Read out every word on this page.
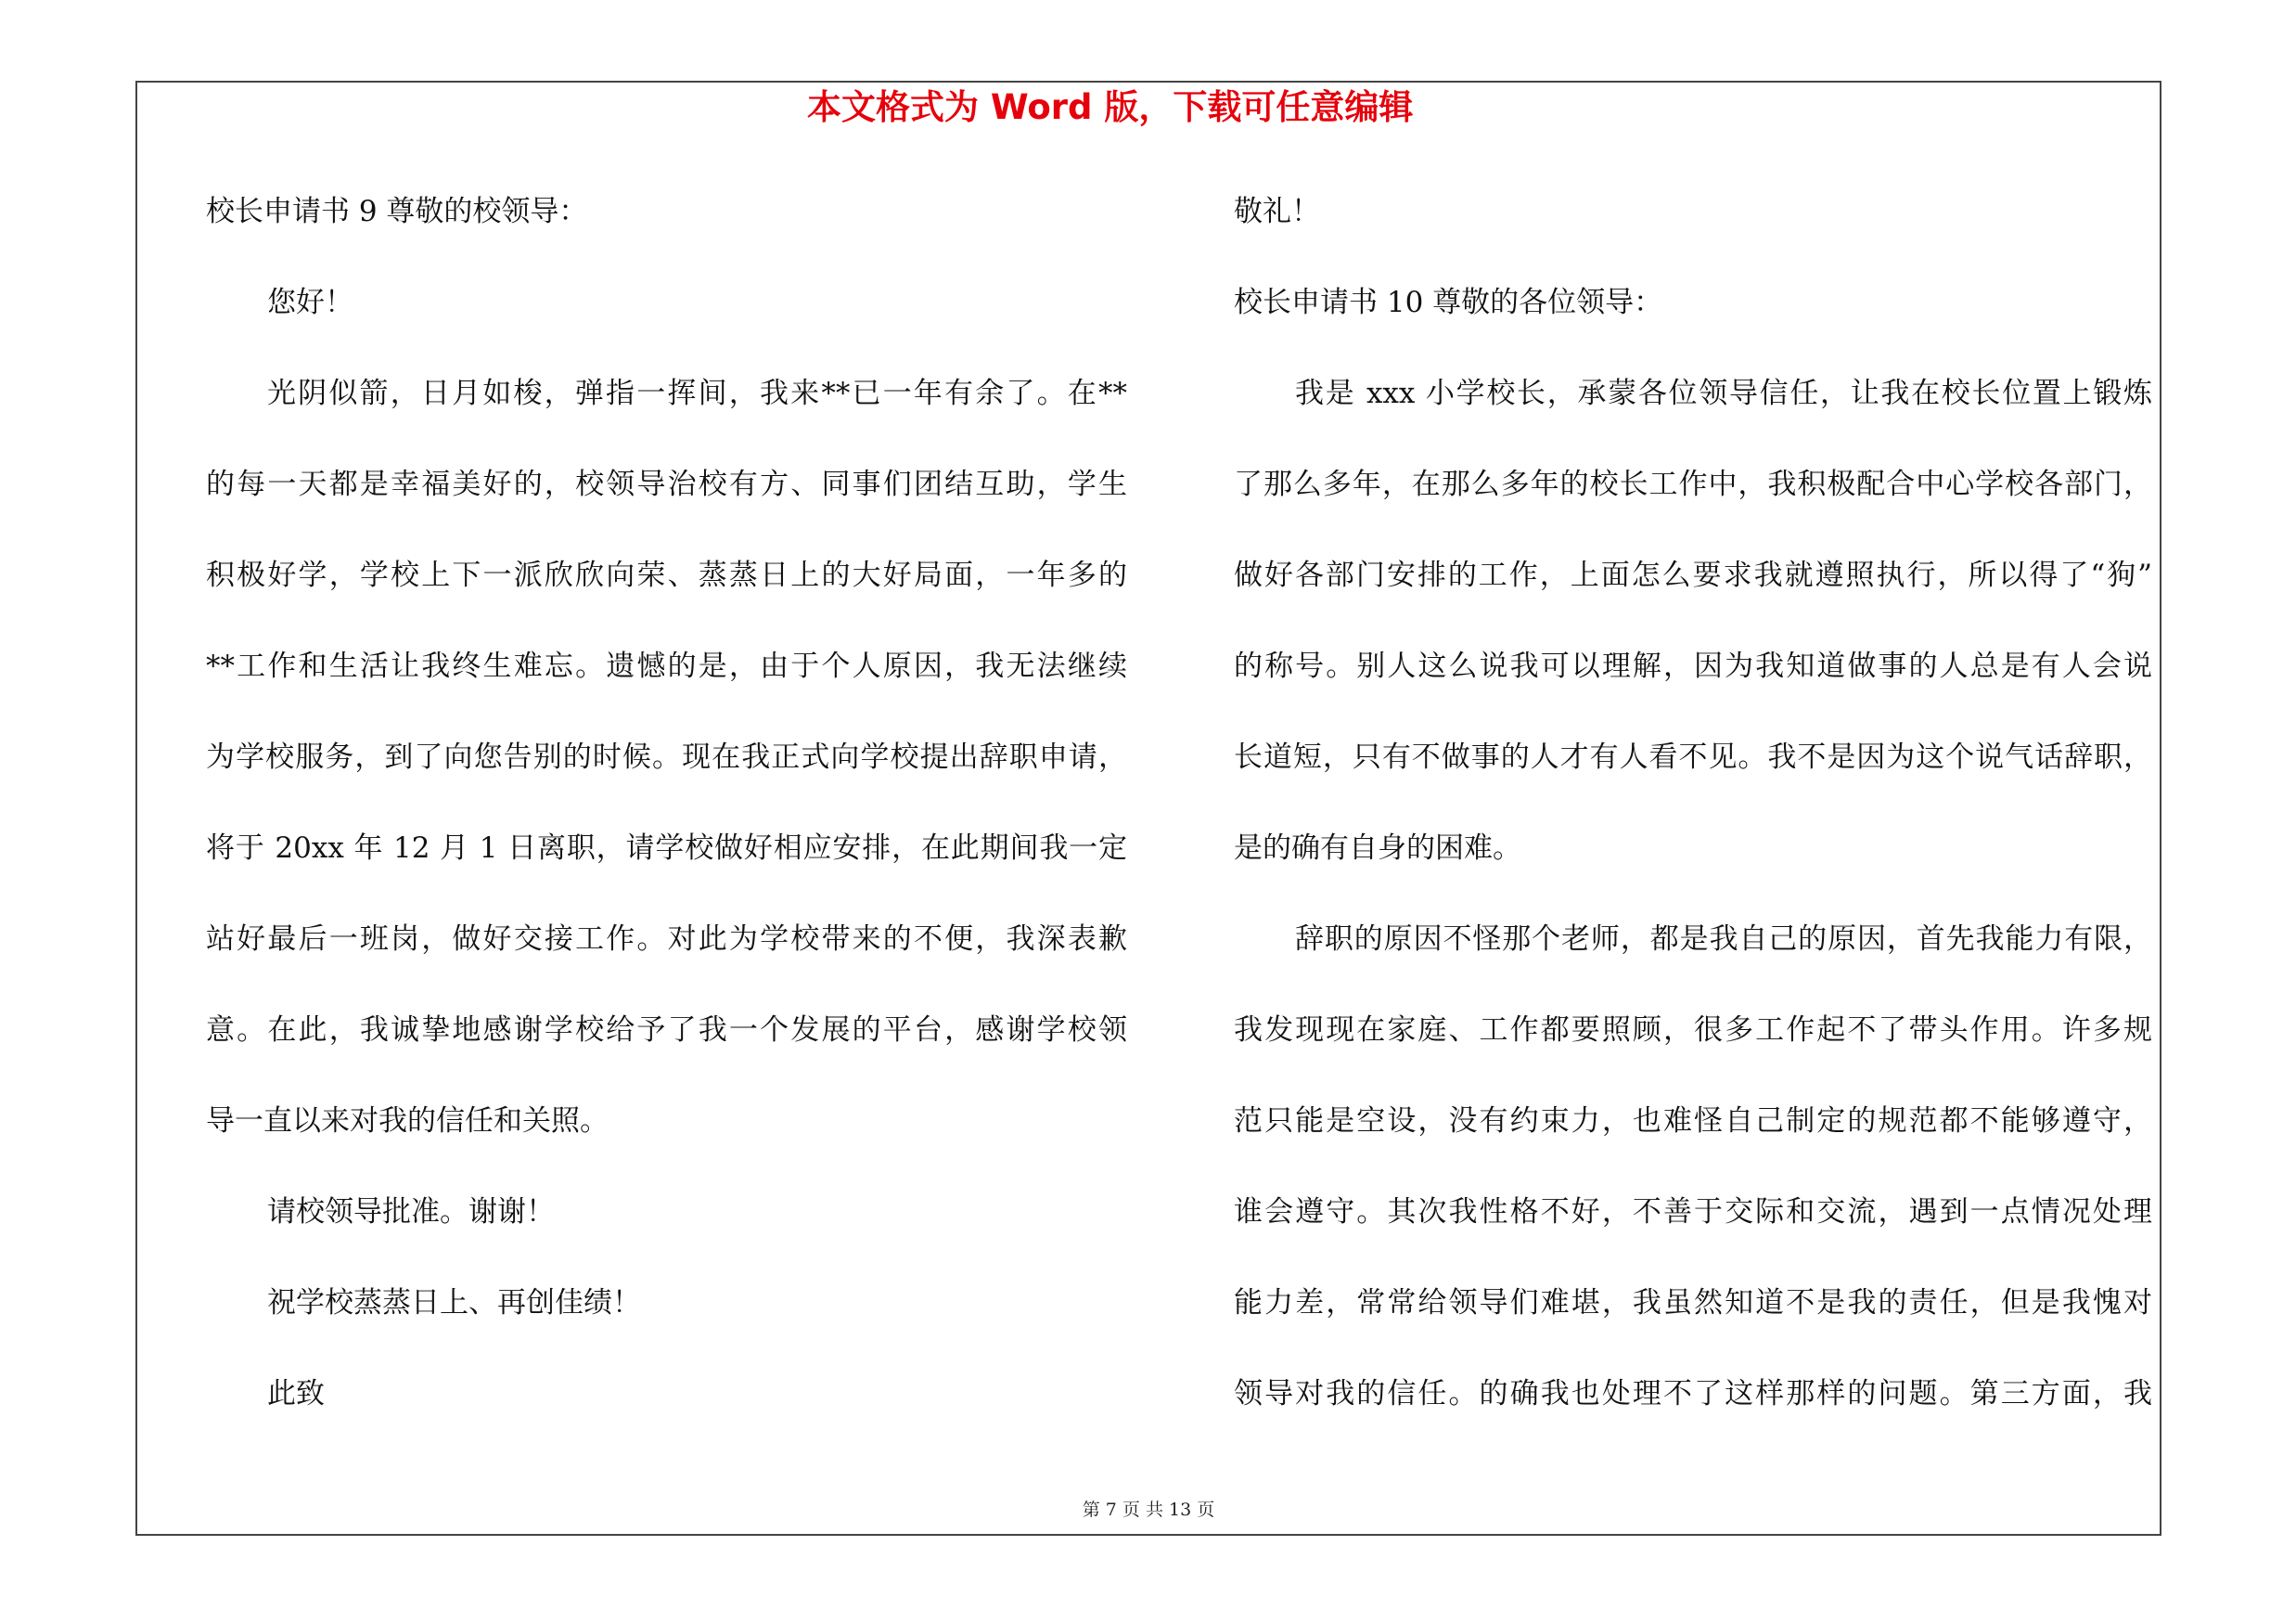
本文格式为 Word 版，下载可任意编辑
校长申请书 9 尊敬的校领导：
您好！
光阴似箭，日月如梭，弹指一挥间，我来**已一年有余了。在**
的每一天都是幸福美好的，校领导治校有方、同事们团结互助，学生
积极好学，学校上下一派欣欣向荣、蒸蒸日上的大好局面，一年多的
**工作和生活让我终生难忘。遗憾的是，由于个人原因，我无法继续
为学校服务，到了向您告别的时候。现在我正式向学校提出辞职申请，
将于 20xx 年 12 月 1 日离职，请学校做好相应安排，在此期间我一定
站好最后一班岗，做好交接工作。对此为学校带来的不便，我深表歉
意。在此，我诚挚地感谢学校给予了我一个发展的平台，感谢学校领
导一直以来对我的信任和关照。
请校领导批准。谢谢！
祝学校蒸蒸日上、再创佳绩！
此致
敬礼！
校长申请书 10 尊敬的各位领导：
我是 xxx 小学校长，承蒙各位领导信任，让我在校长位置上锻炼
了那么多年，在那么多年的校长工作中，我积极配合中心学校各部门，
做好各部门安排的工作，上面怎么要求我就遵照执行，所以得了“狗”
的称号。别人这么说我可以理解，因为我知道做事的人总是有人会说
长道短，只有不做事的人才有人看不见。我不是因为这个说气话辞职，
是的确有自身的困难。
辞职的原因不怪那个老师，都是我自己的原因，首先我能力有限，
我发现现在家庭、工作都要照顾，很多工作起不了带头作用。许多规
范只能是空设，没有约束力，也难怪自己制定的规范都不能够遵守，
谁会遵守。其次我性格不好，不善于交际和交流，遇到一点情况处理
能力差，常常给领导们难堪，我虽然知道不是我的责任，但是我愧对
领导对我的信任。的确我也处理不了这样那样的问题。第三方面，我
第 7 页 共 13 页
